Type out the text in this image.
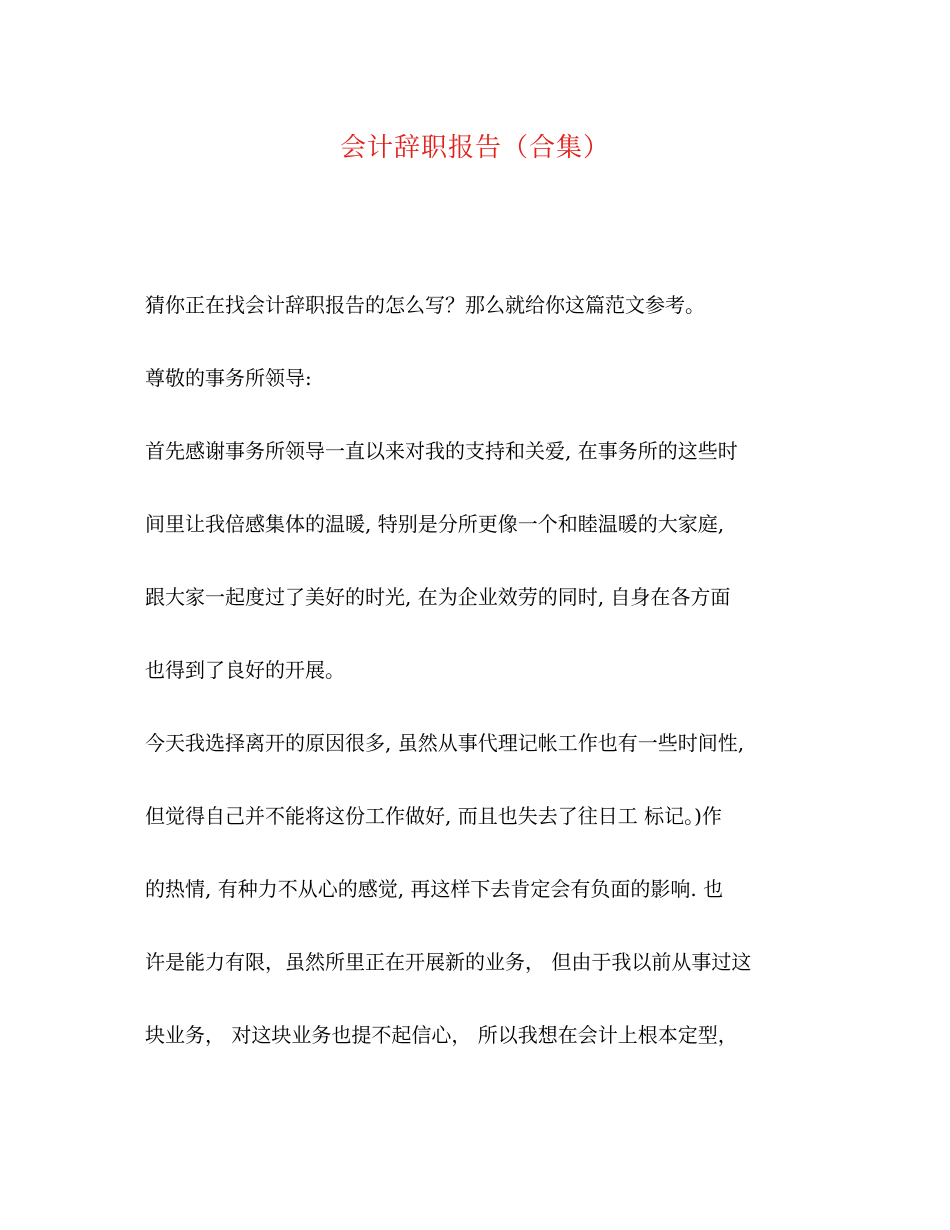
会计辞职报告（合集）
猜你正在找会计辞职报告的怎么写？那么就给你这篇范文参考。
尊敬的事务所领导:
首先感谢事务所领导一直以来对我的支持和关爱, 在事务所的这些时
间里让我倍感集体的温暖, 特别是分所更像一个和睦温暖的大家庭,
跟大家一起度过了美好的时光, 在为企业效劳的同时, 自身在各方面
也得到了良好的开展。
今天我选择离开的原因很多, 虽然从事代理记帐工作也有一些时间性,
但觉得自己并不能将这份工作做好, 而且也失去了往日工 标记。)作
的热情, 有种力不从心的感觉, 再这样下去肯定会有负面的影响. 也
许是能力有限，虽然所里正在开展新的业务， 但由于我以前从事过这
块业务， 对这块业务也提不起信心， 所以我想在会计上根本定型，
